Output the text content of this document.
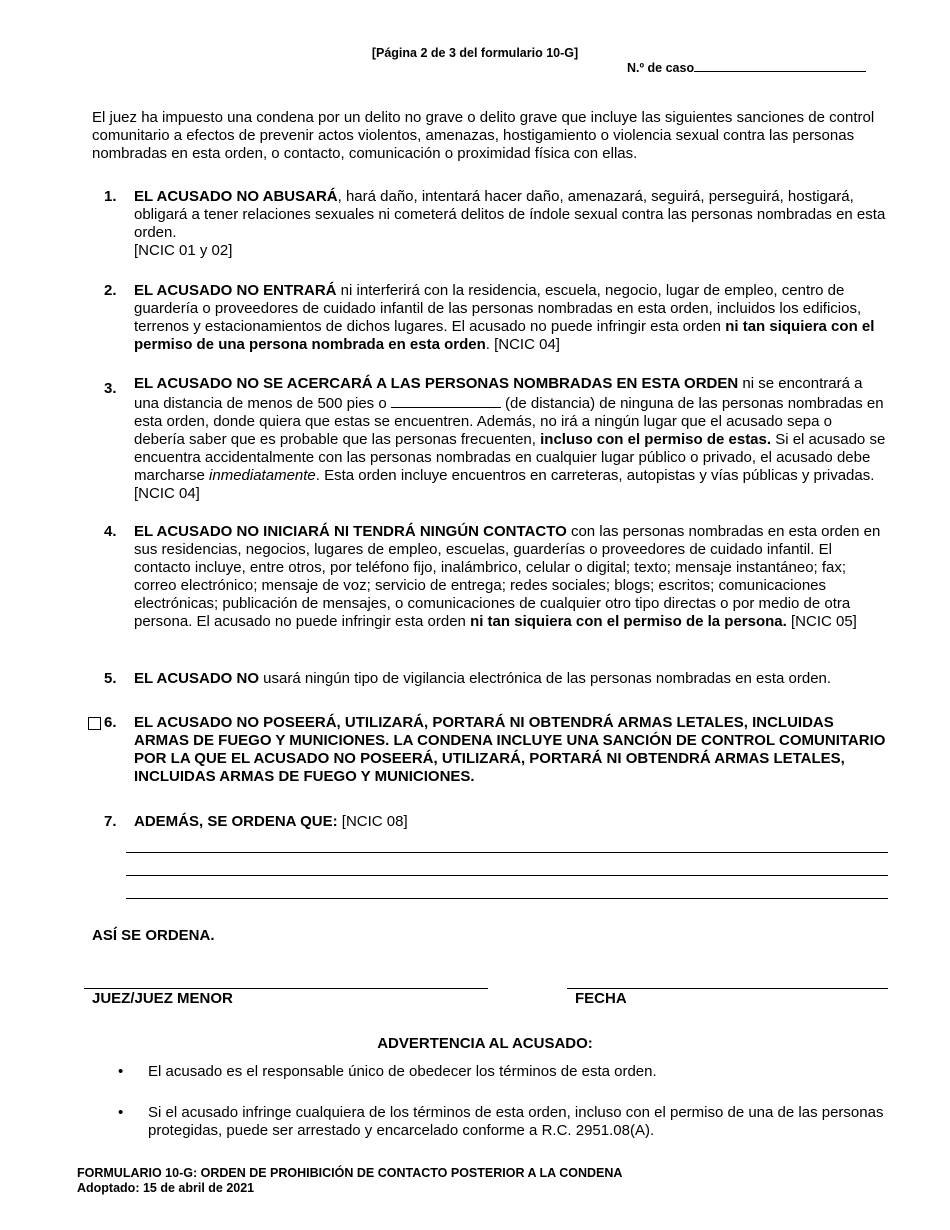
[Página 2 de 3 del formulario 10-G]
N.º de caso
El juez ha impuesto una condena por un delito no grave o delito grave que incluye las siguientes sanciones de control comunitario a efectos de prevenir actos violentos, amenazas, hostigamiento o violencia sexual contra las personas nombradas en esta orden, o contacto, comunicación o proximidad física con ellas.
1.	EL ACUSADO NO ABUSARÁ, hará daño, intentará hacer daño, amenazará, seguirá, perseguirá, hostigará, obligará a tener relaciones sexuales ni cometerá delitos de índole sexual contra las personas nombradas en esta orden.
[NCIC 01 y 02]
2.	EL ACUSADO NO ENTRARÁ ni interferirá con la residencia, escuela, negocio, lugar de empleo, centro de guardería o proveedores de cuidado infantil de las personas nombradas en esta orden, incluidos los edificios, terrenos y estacionamientos de dichos lugares. El acusado no puede infringir esta orden ni tan siquiera con el permiso de una persona nombrada en esta orden. [NCIC 04]
3.	EL ACUSADO NO SE ACERCARÁ A LAS PERSONAS NOMBRADAS EN ESTA ORDEN ni se encontrará a una distancia de menos de 500 pies o	(de distancia) de ninguna de las personas nombradas en esta orden, donde quiera que estas se encuentren. Además, no irá a ningún lugar que el acusado sepa o debería saber que es probable que las personas frecuenten, incluso con el permiso de estas. Si el acusado se encuentra accidentalmente con las personas nombradas en cualquier lugar público o privado, el acusado debe marcharse inmediatamente. Esta orden incluye encuentros en carreteras, autopistas y vías públicas y privadas. [NCIC 04]
4.	EL ACUSADO NO INICIARÁ NI TENDRÁ NINGÚN CONTACTO con las personas nombradas en esta orden en sus residencias, negocios, lugares de empleo, escuelas, guarderías o proveedores de cuidado infantil. El contacto incluye, entre otros, por teléfono fijo, inalámbrico, celular o digital; texto; mensaje instantáneo; fax; correo electrónico; mensaje de voz; servicio de entrega; redes sociales; blogs; escritos; comunicaciones electrónicas; publicación de mensajes, o comunicaciones de cualquier otro tipo directas o por medio de otra persona. El acusado no puede infringir esta orden ni tan siquiera con el permiso de la persona. [NCIC 05]
5.	EL ACUSADO NO usará ningún tipo de vigilancia electrónica de las personas nombradas en esta orden.
6.	EL ACUSADO NO POSEERÁ, UTILIZARÁ, PORTARÁ NI OBTENDRÁ ARMAS LETALES, INCLUIDAS ARMAS DE FUEGO Y MUNICIONES. LA CONDENA INCLUYE UNA SANCIÓN DE CONTROL COMUNITARIO POR LA QUE EL ACUSADO NO POSEERÁ, UTILIZARÁ, PORTARÁ NI OBTENDRÁ ARMAS LETALES, INCLUIDAS ARMAS DE FUEGO Y MUNICIONES.
7.	ADEMÁS, SE ORDENA QUE: [NCIC 08]
ASÍ SE ORDENA.
JUEZ/JUEZ MENOR	FECHA
ADVERTENCIA AL ACUSADO:
•	El acusado es el responsable único de obedecer los términos de esta orden.
•	Si el acusado infringe cualquiera de los términos de esta orden, incluso con el permiso de una de las personas protegidas, puede ser arrestado y encarcelado conforme a R.C. 2951.08(A).
FORMULARIO 10-G: ORDEN DE PROHIBICIÓN DE CONTACTO POSTERIOR A LA CONDENA
Adoptado: 15 de abril de 2021
